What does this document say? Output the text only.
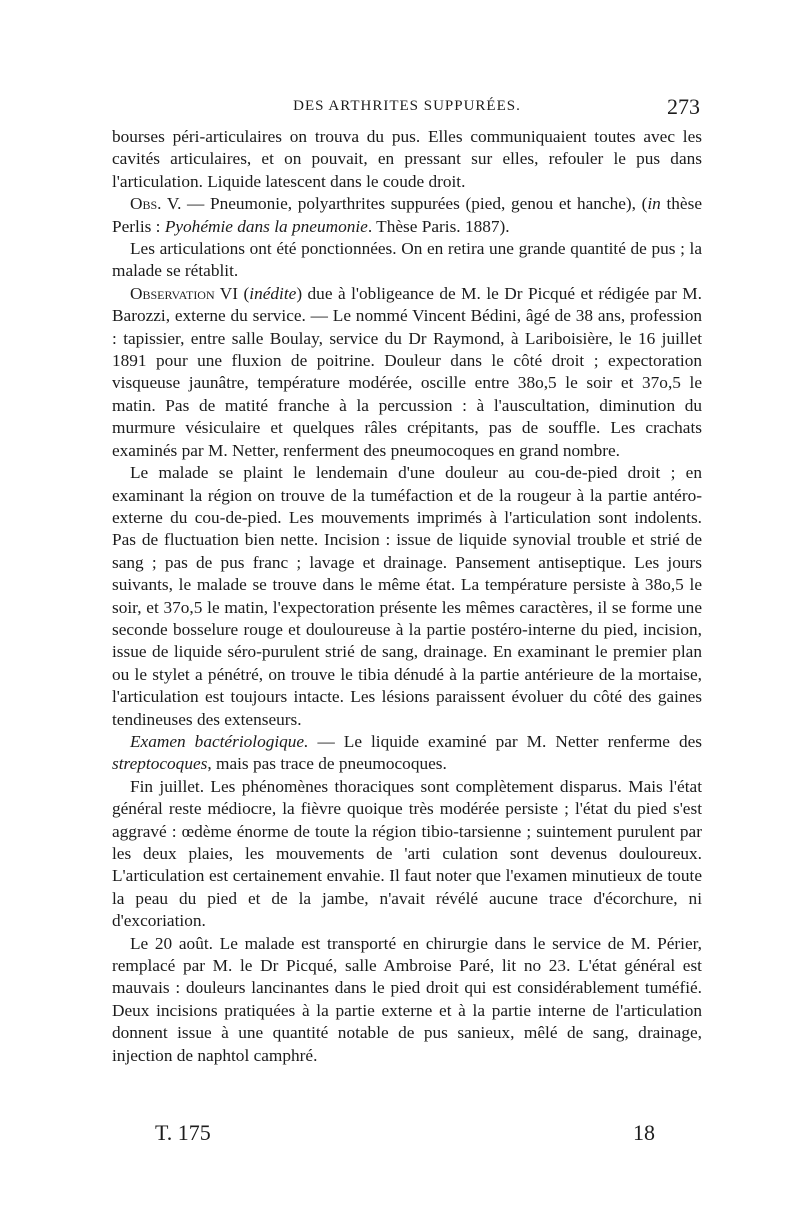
DES ARTHRITES SUPPURÉES.	273

bourses péri-articulaires on trouva du pus. Elles communiquaient toutes avec les cavités articulaires, et on pouvait, en pressant sur elles, refouler le pus dans l'articulation. Liquide latescent dans le coude droit.

Obs. V. — Pneumonie, polyarthrites suppurées (pied, genou et hanche), (in thèse Perlis : Pyohémie dans la pneumonie. Thèse Paris. 1887).

Les articulations ont été ponctionnées. On en retira une grande quantité de pus ; la malade se rétablit.

Observation VI (inédite) due à l'obligeance de M. le Dr Picqué et rédigée par M. Barozzi, externe du service. — Le nommé Vincent Bédini, âgé de 38 ans, profession : tapissier, entre salle Boulay, service du Dr Raymond, à Lariboisière, le 16 juillet 1891 pour une fluxion de poitrine. Douleur dans le côté droit ; expectoration visqueuse jaunâtre, température modérée, oscille entre 38o,5 le soir et 37o,5 le matin. Pas de matité franche à la percussion : à l'auscultation, diminution du murmure vésiculaire et quelques râles crépitants, pas de souffle. Les crachats examinés par M. Netter, renferment des pneumocoques en grand nombre.

Le malade se plaint le lendemain d'une douleur au cou-de-pied droit ; en examinant la région on trouve de la tuméfaction et de la rougeur à la partie antéro-externe du cou-de-pied. Les mouvements imprimés à l'articulation sont indolents. Pas de fluctuation bien nette. Incision : issue de liquide synovial trouble et strié de sang ; pas de pus franc ; lavage et drainage. Pansement antiseptique. Les jours suivants, le malade se trouve dans le même état. La température persiste à 38o,5 le soir, et 37o,5 le matin, l'expectoration présente les mêmes caractères, il se forme une seconde bosselure rouge et douloureuse à la partie postéro-interne du pied, incision, issue de liquide séro-purulent strié de sang, drainage. En examinant le premier plan ou le stylet a pénétré, on trouve le tibia dénudé à la partie antérieure de la mortaise, l'articulation est toujours intacte. Les lésions paraissent évoluer du côté des gaines tendineuses des extenseurs.

Examen bactériologique. — Le liquide examiné par M. Netter renferme des streptocoques, mais pas trace de pneumocoques.

Fin juillet. Les phénomènes thoraciques sont complètement disparus. Mais l'état général reste médiocre, la fièvre quoique très modérée persiste ; l'état du pied s'est aggravé : œdème énorme de toute la région tibio-tarsienne ; suintement purulent par les deux plaies, les mouvements de 'arti culation sont devenus douloureux. L'articulation est certainement envahie. Il faut noter que l'examen minutieux de toute la peau du pied et de la jambe, n'avait révélé aucune trace d'écorchure, ni d'excoriation.

Le 20 août. Le malade est transporté en chirurgie dans le service de M. Périer, remplacé par M. le Dr Picqué, salle Ambroise Paré, lit no 23. L'état général est mauvais : douleurs lancinantes dans le pied droit qui est considérablement tuméfié. Deux incisions pratiquées à la partie externe et à la partie interne de l'articulation donnent issue à une quantité notable de pus sanieux, mêlé de sang, drainage, injection de naphtol camphré.

T. 175	18
